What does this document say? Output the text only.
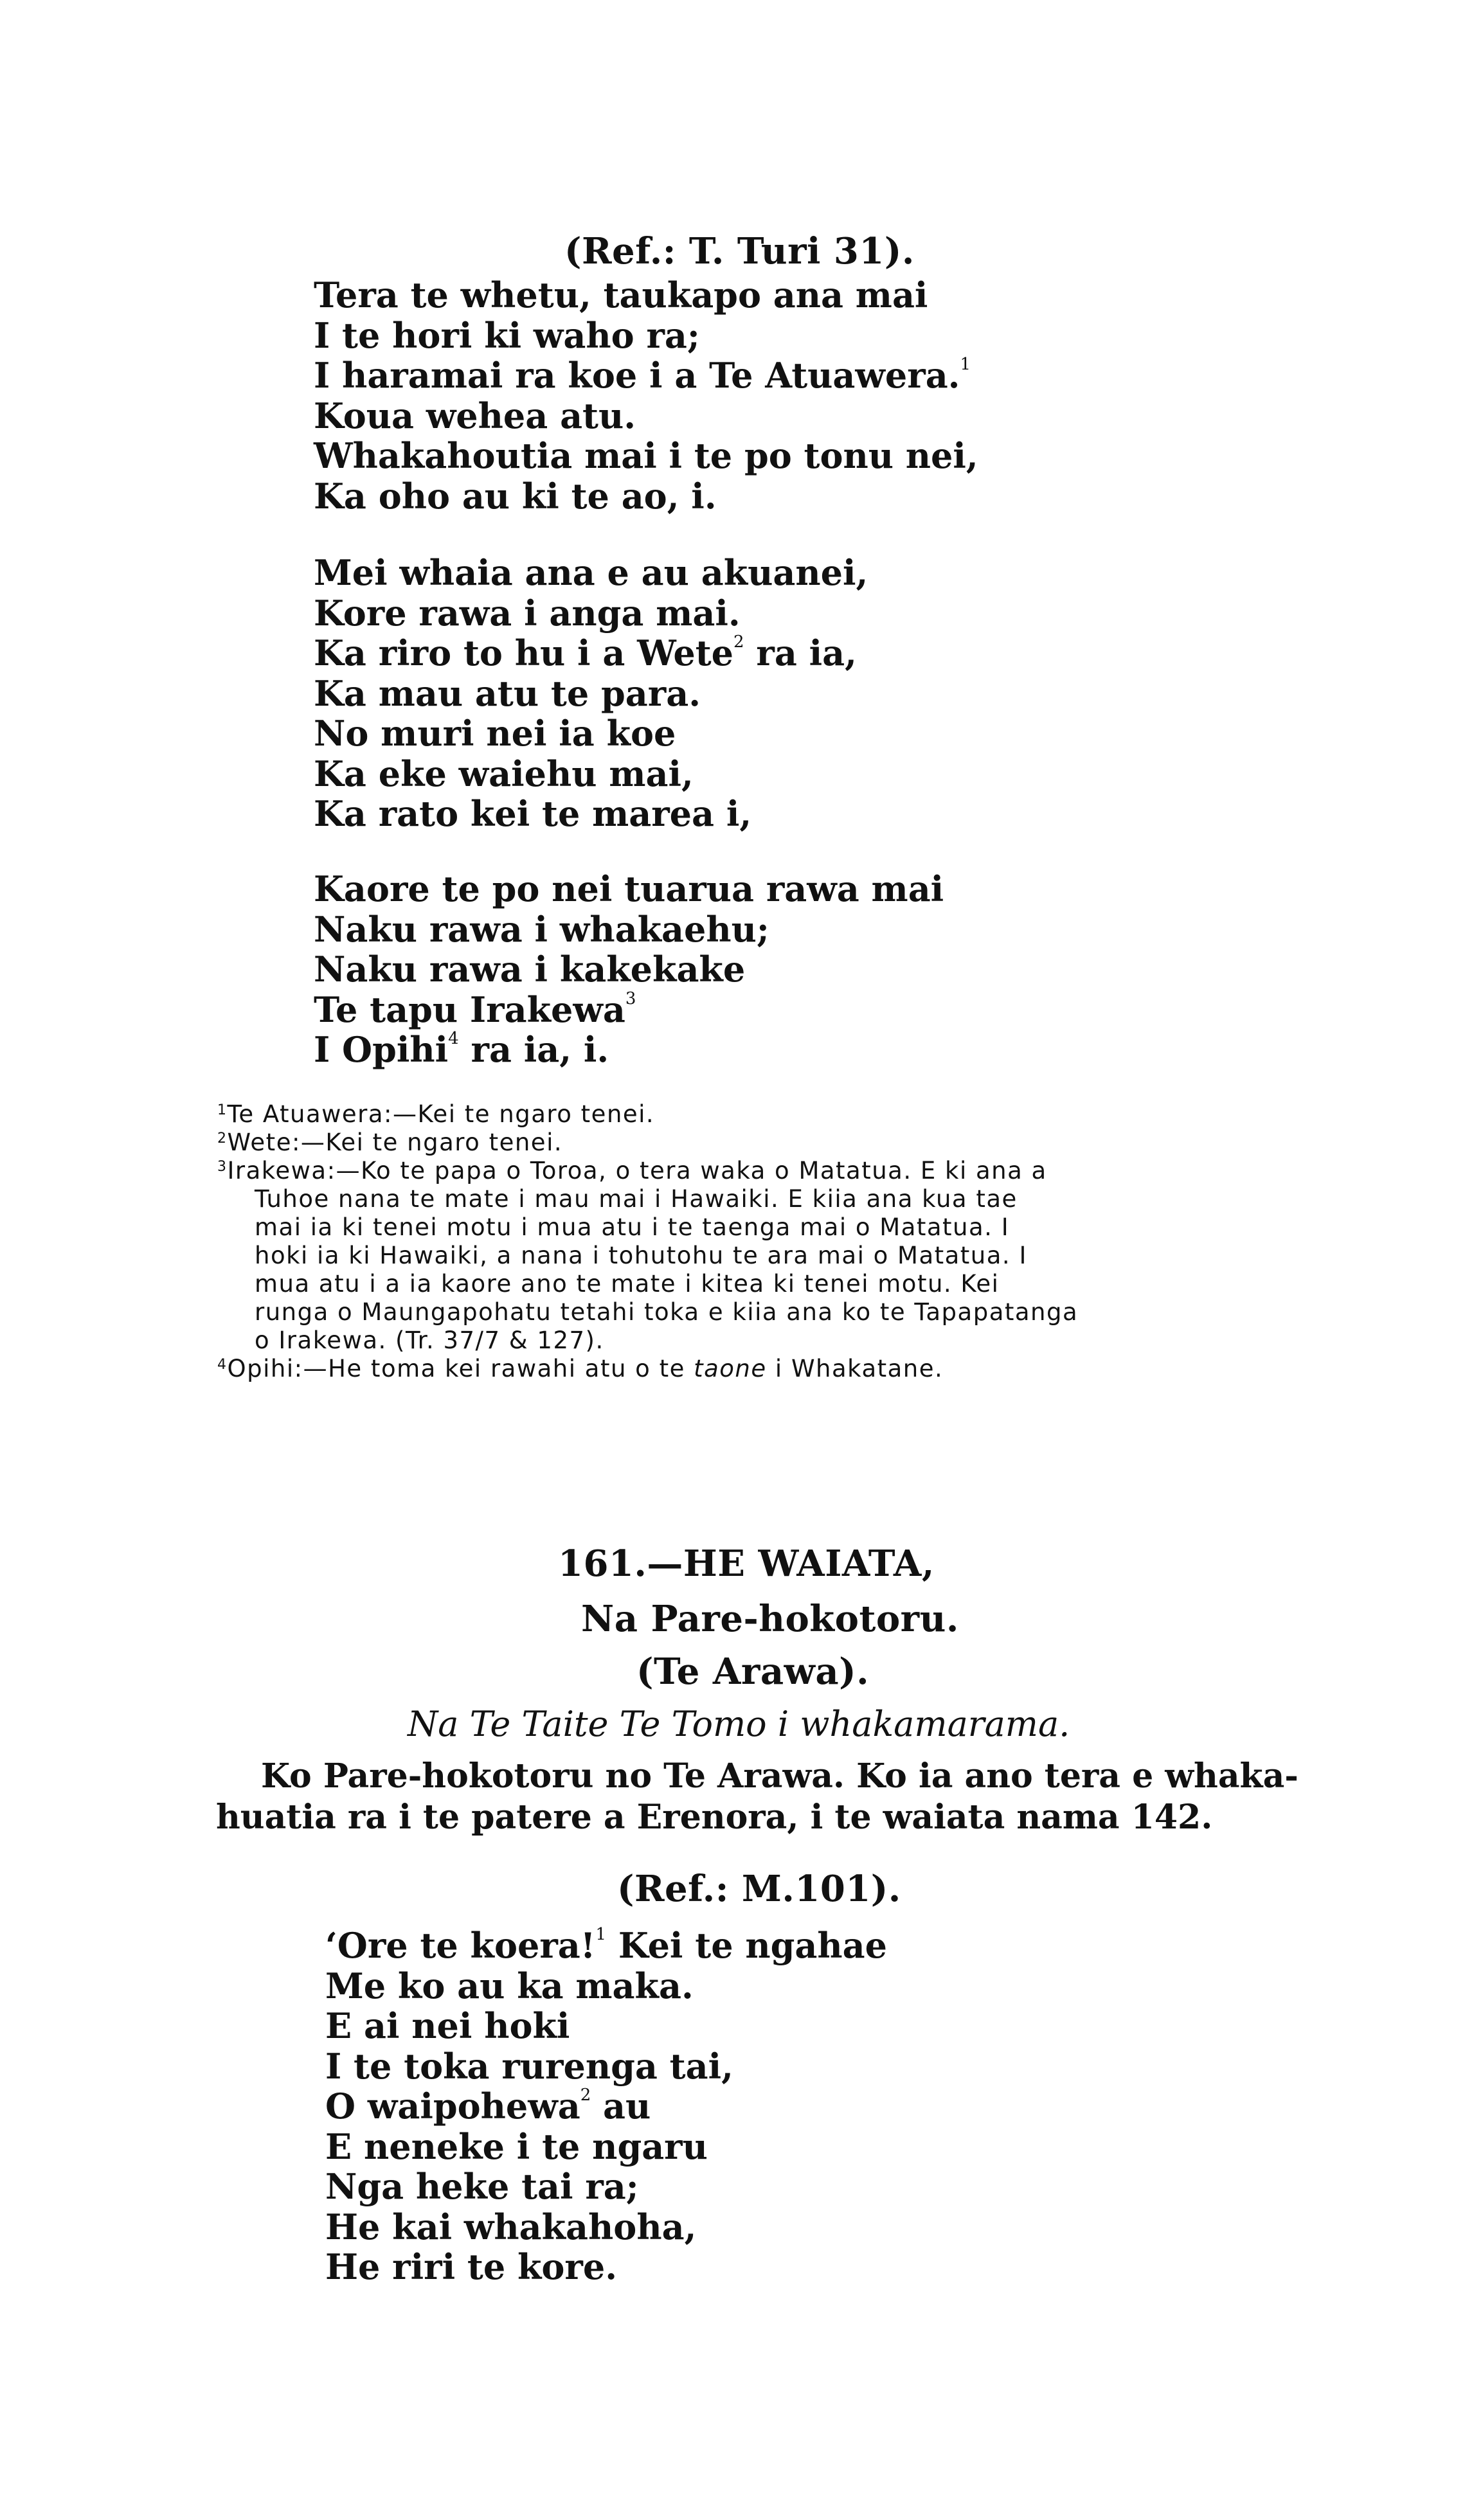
(Ref.: T. Turi 31).
Tera te whetu, taukapo ana mai
I te hori ki waho ra;
I haramai ra koe i a Te Atuawera.$^1$
Koua wehea atu.
Whakahoutia mai i te po tonu nei,
Ka oho au ki te ao, i.
Mei whaia ana e au akuanei,
Kore rawa i anga mai.
Ka riro to hu i a Wete$^2$ ra ia,
Ka mau atu te para.
No muri nei ia koe
Ka eke waiehu mai,
Ka rato kei te marea i,
Kaore te po nei tuarua rawa mai
Naku rawa i whakaehu;
Naku rawa i kakekake
Te tapu Irakewa$^3$
I Opihi$^4$ ra ia, i.
$^1$Te Atuawera:—Kei te ngaro tenei.
$^2$Wete:—Kei te ngaro tenei.
$^3$Irakewa:—Ko te papa o Toroa, o tera waka o Matatua. E ki ana a
Tuhoe nana te mate i mau mai i Hawaiki. E kiia ana kua tae
mai ia ki tenei motu i mua atu i te taenga mai o Matatua. I
hoki ia ki Hawaiki, a nana i tohutohu te ara mai o Matatua. I
mua atu i a ia kaore ano te mate i kitea ki tenei motu. Kei
runga o Maungapohatu tetahi toka e kiia ana ko te Tapapatanga
o Irakewa. (Tr. 37/7 & 127).
$^4$Opihi:—He toma kei rawahi atu o te taone i Whakatane.
161.—HE WAIATA,
Na Pare-hokotoru.
(Te Arawa).
Na Te Taite Te Tomo i whakamarama.
Ko Pare-hokotoru no Te Arawa. Ko ia ano tera e whaka-
huatia ra i te patere a Erenora, i te waiata nama 142.
(Ref.: M.101).
‘Ore te koera!$^1$ Kei te ngahae
Me ko au ka maka.
E ai nei hoki
I te toka rurenga tai,
O waipohewa$^2$ au
E neneke i te ngaru
Nga heke tai ra;
He kai whakahoha,
He riri te kore.
